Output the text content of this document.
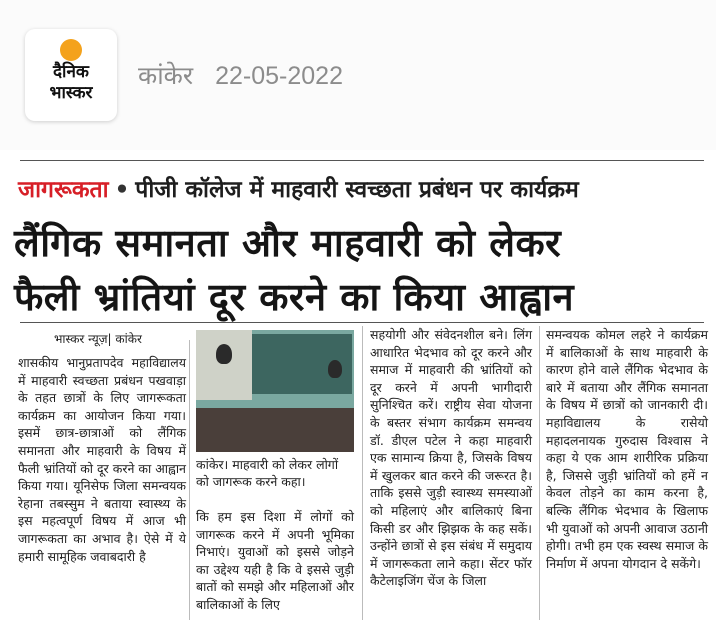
दैनिक
भास्कर
कांकेर 22-05-2022
जागरूकता • पीजी कॉलेज में माहवारी स्वच्छता प्रबंधन पर कार्यक्रम
लैंगिक समानता और माहवारी को लेकर
फैली भ्रांतियां दूर करने का किया आह्वान
भास्कर न्यूज़| कांकेर
शासकीय भानुप्रतापदेव महाविद्यालय में माहवारी स्वच्छता प्रबंधन पखवाड़ा के तहत छात्रों के लिए जागरूकता कार्यक्रम का आयोजन किया गया। इसमें छात्र-छात्राओं को लैंगिक समानता और माहवारी के विषय में फैली भ्रांतियों को दूर करने का आह्वान किया गया। यूनिसेफ जिला समन्वयक रेहाना तबस्सुम ने बताया स्वास्थ्य के इस महत्वपूर्ण विषय में आज भी जागरूकता का अभाव है। ऐसे में ये हमारी सामूहिक जवाबदारी है
कांकेर। माहवारी को लेकर लोगों को जागरूक करने कहा।
कि हम इस दिशा में लोगों को जागरूक करने में अपनी भूमिका निभाएं। युवाओं को इससे जोड़ने का उद्देश्य यही है कि वे इससे जुड़ी बातों को समझे और महिलाओं और बालिकाओं के लिए
सहयोगी और संवेदनशील बने। लिंग आधारित भेदभाव को दूर करने और समाज में माहवारी की भ्रांतियों को दूर करने में अपनी भागीदारी सुनिश्चित करें। राष्ट्रीय सेवा योजना के बस्तर संभाग कार्यक्रम समन्वय डॉ. डीएल पटेल ने कहा माहवारी एक सामान्य क्रिया है, जिसके विषय में खुलकर बात करने की जरूरत है। ताकि इससे जुड़ी स्वास्थ्य समस्याओं को महिलाएं और बालिकाएं बिना किसी डर और झिझक के कह सकें। उन्होंने छात्रों से इस संबंध में समुदाय में जागरूकता लाने कहा। सेंटर फॉर कैटेलाइजिंग चेंज के जिला
समन्वयक कोमल लहरे ने कार्यक्रम में बालिकाओं के साथ माहवारी के कारण होने वाले लैंगिक भेदभाव के बारे में बताया और लैंगिक समानता के विषय में छात्रों को जानकारी दी। महाविद्यालय के रासेयो महादलनायक गुरुदास विश्वास ने कहा ये एक आम शारीरिक प्रक्रिया है, जिससे जुड़ी भ्रांतियों को हमें न केवल तोड़ने का काम करना है, बल्कि लैंगिक भेदभाव के खिलाफ भी युवाओं को अपनी आवाज उठानी होगी। तभी हम एक स्वस्थ समाज के निर्माण में अपना योगदान दे सकेंगे।
